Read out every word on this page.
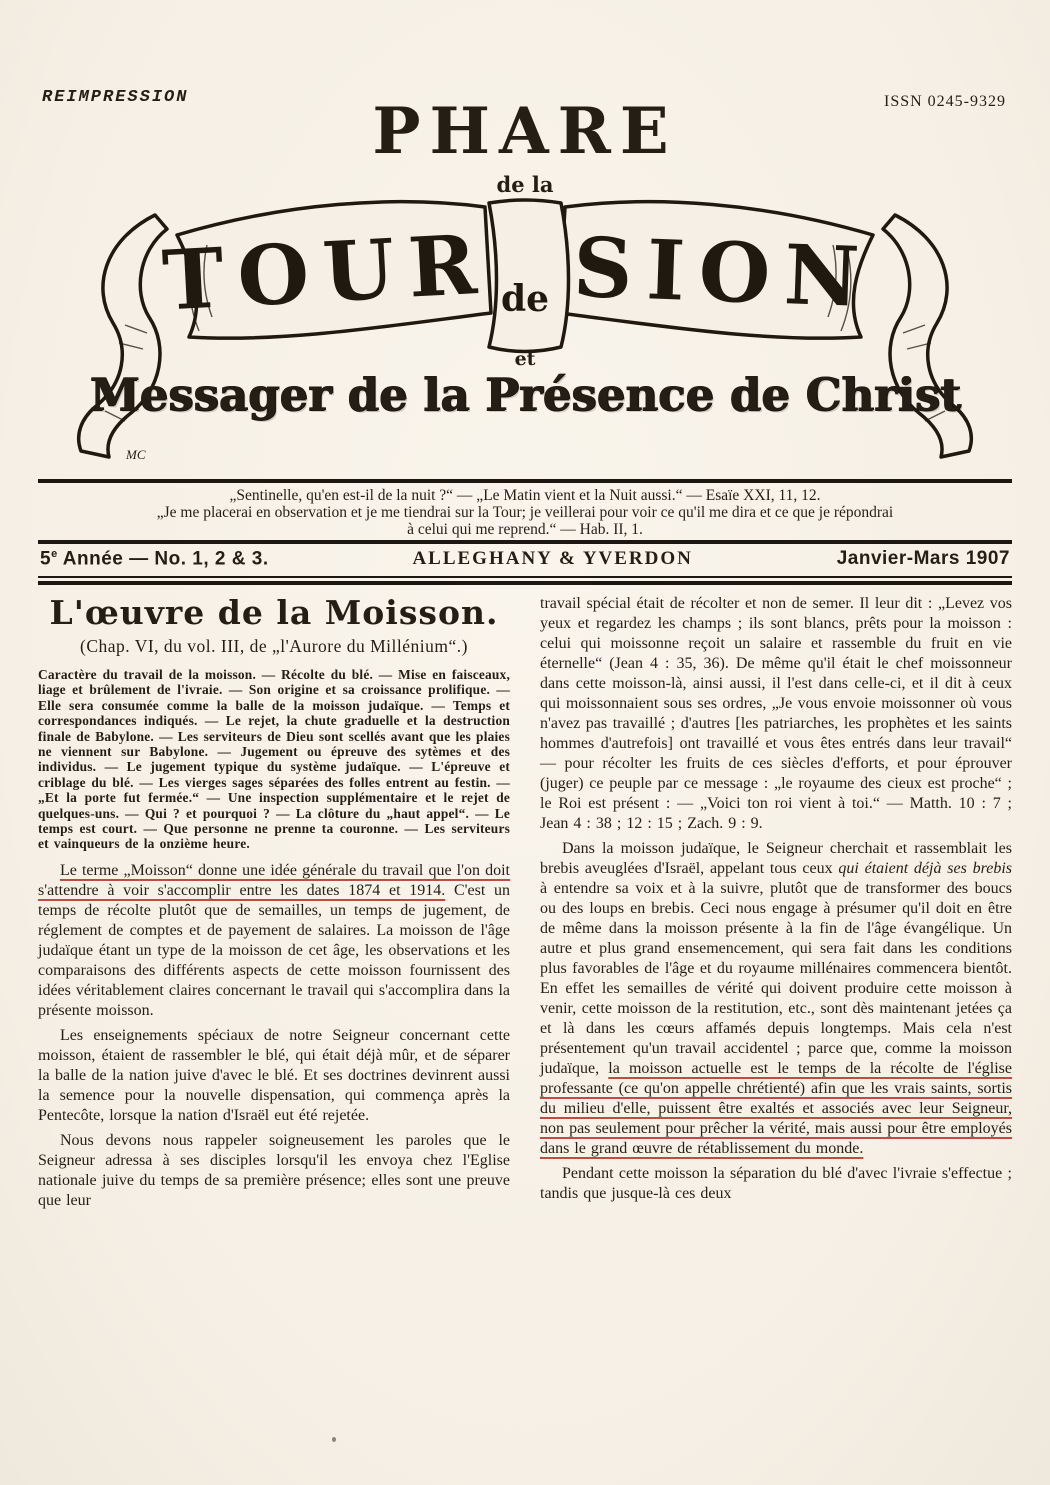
REIMPRESSION	ISSN 0245-9329
PHARE
de la
TOUR SION
de
et
Messager de la Présence de Christ
MC
„Sentinelle, qu'en est-il de la nuit ?“ — „Le Matin vient et la Nuit aussi.“ — Esaïe XXI, 11, 12.
„Je me placerai en observation et je me tiendrai sur la Tour; je veillerai pour voir ce qu'il me dira et ce que je répondrai
à celui qui me reprend.“ — Hab. II, 1.
5e Année — No. 1, 2 & 3.	ALLEGHANY & YVERDON	Janvier-Mars 1907
L'œuvre de la Moisson.
(Chap. VI, du vol. III, de „l'Aurore du Millénium“.)
Caractère du travail de la moisson. — Récolte du blé. — Mise en faisceaux, liage et brûlement de l'ivraie. — Son origine et sa croissance prolifique. — Elle sera consumée comme la balle de la moisson judaïque. — Temps et correspondances indiqués. — Le rejet, la chute graduelle et la destruction finale de Babylone. — Les serviteurs de Dieu sont scellés avant que les plaies ne viennent sur Babylone. — Jugement ou épreuve des sytèmes et des individus. — Le jugement typique du système judaïque. — L'épreuve et criblage du blé. — Les vierges sages séparées des folles entrent au festin. — „Et la porte fut fermée.“ — Une inspection supplémentaire et le rejet de quelques-uns. — Qui ? et pourquoi ? — La clôture du „haut appel“. — Le temps est court. — Que personne ne prenne ta couronne. — Les serviteurs et vainqueurs de la onzième heure.

Le terme „Moisson“ donne une idée générale du travail que l'on doit s'attendre à voir s'accomplir entre les dates 1874 et 1914. C'est un temps de récolte plutôt que de semailles, un temps de jugement, de réglement de comptes et de payement de salaires. La moisson de l'âge judaïque étant un type de la moisson de cet âge, les observations et les comparaisons des différents aspects de cette moisson fournissent des idées véritablement claires concernant le travail qui s'accomplira dans la présente moisson.

Les enseignements spéciaux de notre Seigneur concernant cette moisson, étaient de rassembler le blé, qui était déjà mûr, et de séparer la balle de la nation juive d'avec le blé. Et ses doctrines devinrent aussi la semence pour la nouvelle dispensation, qui commença après la Pentecôte, lorsque la nation d'Israël eut été rejetée.

Nous devons nous rappeler soigneusement les paroles que le Seigneur adressa à ses disciples lorsqu'il les envoya chez l'Eglise nationale juive du temps de sa première présence; elles sont une preuve que leur

travail spécial était de récolter et non de semer. Il leur dit : „Levez vos yeux et regardez les champs ; ils sont blancs, prêts pour la moisson : celui qui moissonne reçoit un salaire et rassemble du fruit en vie éternelle“ (Jean 4 : 35, 36). De même qu'il était le chef moissonneur dans cette moisson-là, ainsi aussi, il l'est dans celle-ci, et il dit à ceux qui moissonnaient sous ses ordres, „Je vous envoie moissonner où vous n'avez pas travaillé ; d'autres [les patriarches, les prophètes et les saints hommes d'autrefois] ont travaillé et vous êtes entrés dans leur travail“ — pour récolter les fruits de ces siècles d'efforts, et pour éprouver (juger) ce peuple par ce message : „le royaume des cieux est proche“ ; le Roi est présent : — „Voici ton roi vient à toi.“ — Matth. 10 : 7 ; Jean 4 : 38 ; 12 : 15 ; Zach. 9 : 9.

Dans la moisson judaïque, le Seigneur cherchait et rassemblait les brebis aveuglées d'Israël, appelant tous ceux qui étaient déjà ses brebis à entendre sa voix et à la suivre, plutôt que de transformer des boucs ou des loups en brebis. Ceci nous engage à présumer qu'il doit en être de même dans la moisson présente à la fin de l'âge évangélique. Un autre et plus grand ensemencement, qui sera fait dans les conditions plus favorables de l'âge et du royaume millénaires commencera bientôt. En effet les semailles de vérité qui doivent produire cette moisson à venir, cette moisson de la restitution, etc., sont dès maintenant jetées ça et là dans les cœurs affamés depuis longtemps. Mais cela n'est présentement qu'un travail accidentel ; parce que, comme la moisson judaïque, la moisson actuelle est le temps de la récolte de l'église professante (ce qu'on appelle chrétienté) afin que les vrais saints, sortis du milieu d'elle, puissent être exaltés et associés avec leur Seigneur, non pas seulement pour prêcher la vérité, mais aussi pour être employés dans le grand œuvre de rétablissement du monde.

Pendant cette moisson la séparation du blé d'avec l'ivraie s'effectue ; tandis que jusque-là ces deux
